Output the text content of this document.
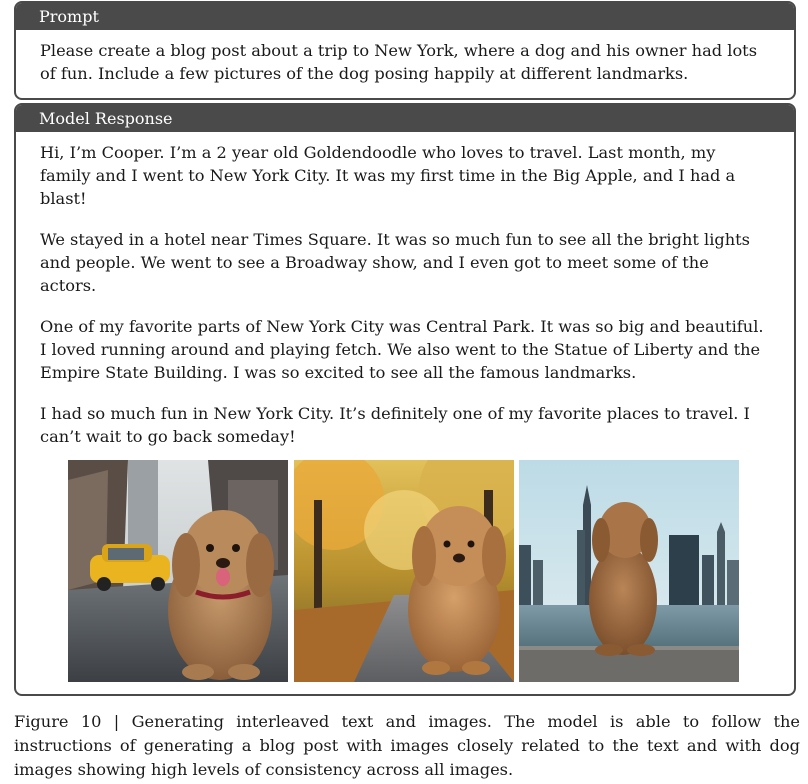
Prompt

Please create a blog post about a trip to New York, where a dog and his owner had lots of fun. Include a few pictures of the dog posing happily at different landmarks.

Model Response

Hi, I’m Cooper. I’m a 2 year old Goldendoodle who loves to travel. Last month, my family and I went to New York City. It was my first time in the Big Apple, and I had a blast!

We stayed in a hotel near Times Square. It was so much fun to see all the bright lights and people. We went to see a Broadway show, and I even got to meet some of the actors.

One of my favorite parts of New York City was Central Park. It was so big and beautiful. I loved running around and playing fetch. We also went to the Statue of Liberty and the Empire State Building. I was so excited to see all the famous landmarks.

I had so much fun in New York City. It’s definitely one of my favorite places to travel. I can’t wait to go back someday!

Figure 10 | Generating interleaved text and images. The model is able to follow the instructions of generating a blog post with images closely related to the text and with dog images showing high levels of consistency across all images.
